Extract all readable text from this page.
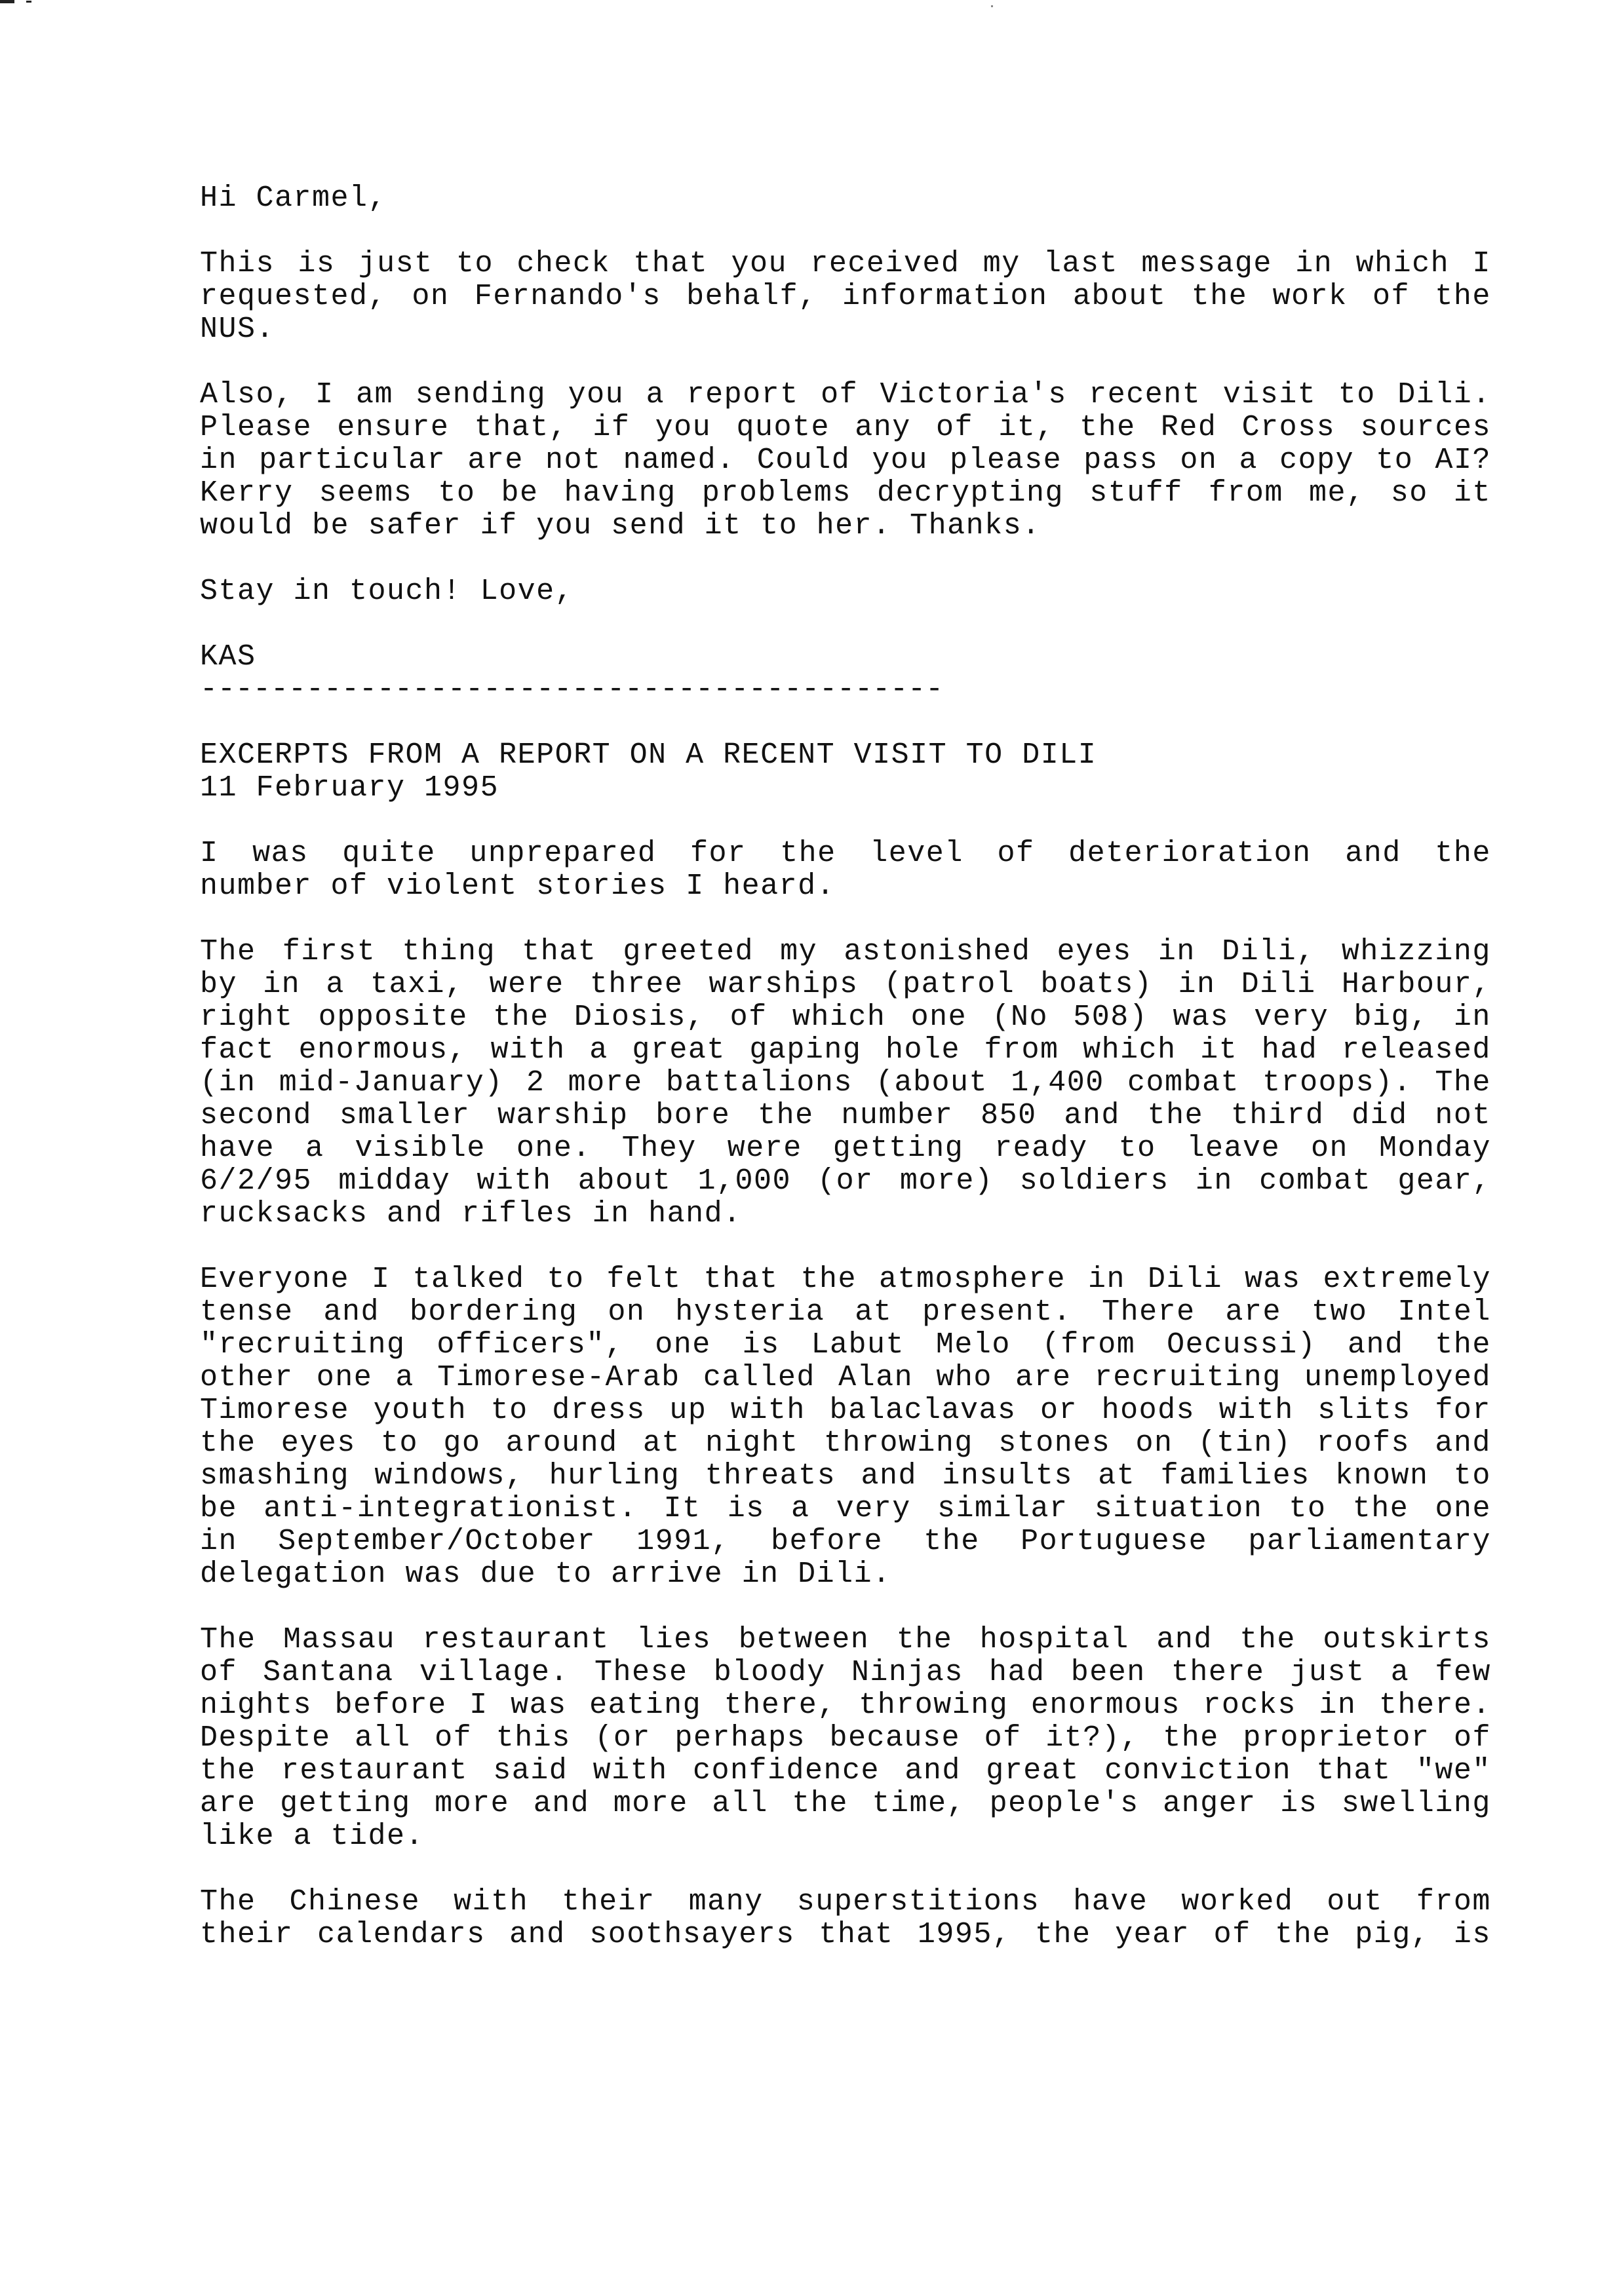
Hi Carmel,
This is just to check that you received my last message in which I
requested, on Fernando's behalf, information about the work of the
NUS.
Also, I am sending you a report of Victoria's recent visit to Dili.
Please ensure that, if you quote any of it, the Red Cross sources
in particular are not named. Could you please pass on a copy to AI?
Kerry seems to be having problems decrypting stuff from me, so it
would be safer if you send it to her. Thanks.
Stay in touch! Love,
KAS
------------------------------------------
EXCERPTS FROM A REPORT ON A RECENT VISIT TO DILI
11 February 1995
I was quite unprepared for the level of deterioration and the
number of violent stories I heard.
The first thing that greeted my astonished eyes in Dili, whizzing
by in a taxi, were three warships (patrol boats) in Dili Harbour,
right opposite the Diosis, of which one (No 508) was very big, in
fact enormous, with a great gaping hole from which it had released
(in mid-January) 2 more battalions (about 1,400 combat troops). The
second smaller warship bore the number 850 and the third did not
have a visible one. They were getting ready to leave on Monday
6/2/95 midday with about 1,000 (or more) soldiers in combat gear,
rucksacks and rifles in hand.
Everyone I talked to felt that the atmosphere in Dili was extremely
tense and bordering on hysteria at present. There are two Intel
"recruiting officers", one is Labut Melo (from Oecussi) and the
other one a Timorese-Arab called Alan who are recruiting unemployed
Timorese youth to dress up with balaclavas or hoods with slits for
the eyes to go around at night throwing stones on (tin) roofs and
smashing windows, hurling threats and insults at families known to
be anti-integrationist. It is a very similar situation to the one
in September/October 1991, before the Portuguese parliamentary
delegation was due to arrive in Dili.
The Massau restaurant lies between the hospital and the outskirts
of Santana village. These bloody Ninjas had been there just a few
nights before I was eating there, throwing enormous rocks in there.
Despite all of this (or perhaps because of it?), the proprietor of
the restaurant said with confidence and great conviction that "we"
are getting more and more all the time, people's anger is swelling
like a tide.
The Chinese with their many superstitions have worked out from
their calendars and soothsayers that 1995, the year of the pig, is
